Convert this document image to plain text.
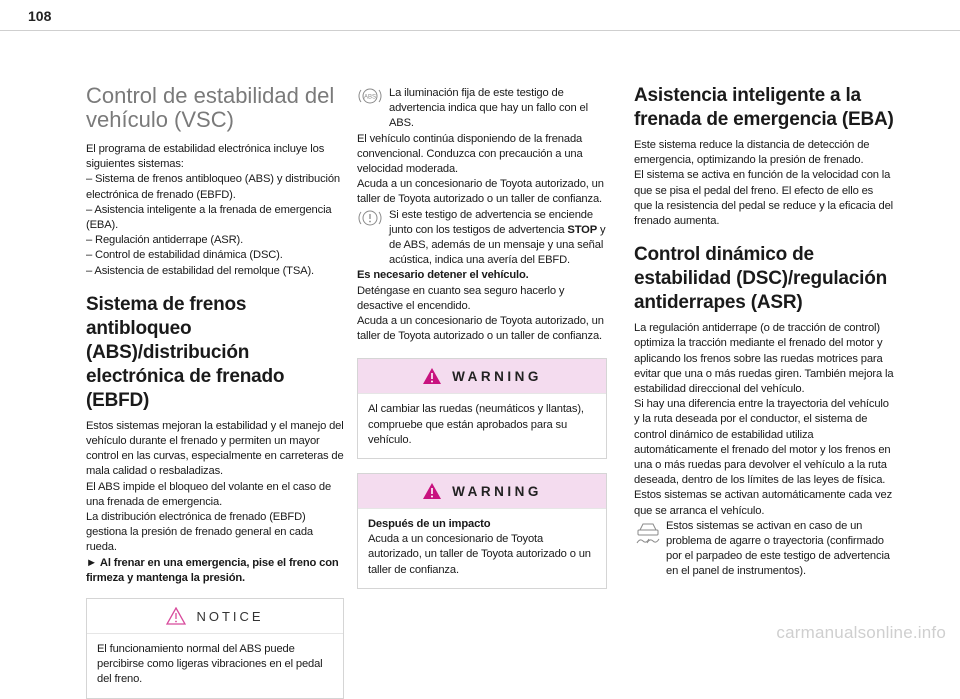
108
Control de estabilidad del vehículo (VSC)

El programa de estabilidad electrónica incluye los siguientes sistemas:

– Sistema de frenos antibloqueo (ABS) y distribución electrónica de frenado (EBFD).

– Asistencia inteligente a la frenada de emergencia (EBA).

– Regulación antiderrape (ASR).

– Control de estabilidad dinámica (DSC).

– Asistencia de estabilidad del remolque (TSA).

Sistema de frenos antibloqueo (ABS)/distribución electrónica de frenado (EBFD)

Estos sistemas mejoran la estabilidad y el manejo del vehículo durante el frenado y permiten un mayor control en las curvas, especialmente en carreteras de mala calidad o resbaladizas.

El ABS impide el bloqueo del volante en el caso de una frenada de emergencia.

La distribución electrónica de frenado (EBFD) gestiona la presión de frenado general en cada rueda.

► Al frenar en una emergencia, pise el freno con firmeza y mantenga la presión.

NOTICE

El funcionamiento normal del ABS puede percibirse como ligeras vibraciones en el pedal del freno.

ABS La iluminación fija de este testigo de advertencia indica que hay un fallo con el ABS.

El vehículo continúa disponiendo de la frenada convencional. Conduzca con precaución a una velocidad moderada.

Acuda a un concesionario de Toyota autorizado, un taller de Toyota autorizado o un taller de confianza.

Si este testigo de advertencia se enciende junto con los testigos de advertencia STOP y de ABS, además de un mensaje y una señal acústica, indica una avería del EBFD.

Es necesario detener el vehículo.

Deténgase en cuanto sea seguro hacerlo y desactive el encendido.

Acuda a un concesionario de Toyota autorizado, un taller de Toyota autorizado o un taller de confianza.

WARNING

Al cambiar las ruedas (neumáticos y llantas), compruebe que están aprobados para su vehículo.

WARNING

Después de un impacto

Acuda a un concesionario de Toyota autorizado, un taller de Toyota autorizado o un taller de confianza.

Asistencia inteligente a la frenada de emergencia (EBA)

Este sistema reduce la distancia de detección de emergencia, optimizando la presión de frenado.

El sistema se activa en función de la velocidad con la que se pisa el pedal del freno. El efecto de ello es que la resistencia del pedal se reduce y la eficacia del frenado aumenta.

Control dinámico de estabilidad (DSC)/regulación antiderrapes (ASR)

La regulación antiderrape (o de tracción de control) optimiza la tracción mediante el frenado del motor y aplicando los frenos sobre las ruedas motrices para evitar que una o más ruedas giren. También mejora la estabilidad direccional del vehículo.

Si hay una diferencia entre la trayectoria del vehículo y la ruta deseada por el conductor, el sistema de control dinámico de estabilidad utiliza automáticamente el frenado del motor y los frenos en una o más ruedas para devolver el vehículo a la ruta deseada, dentro de los límites de las leyes de física.

Estos sistemas se activan automáticamente cada vez que se arranca el vehículo.

Estos sistemas se activan en caso de un problema de agarre o trayectoria (confirmado por el parpadeo de este testigo de advertencia en el panel de instrumentos).

carmanualsonline.info
